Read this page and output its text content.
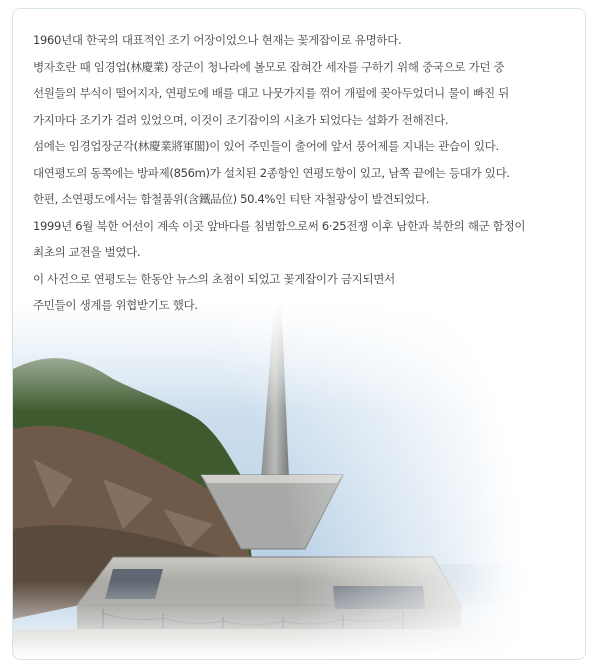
1960년대 한국의 대표적인 조기 어장이었으나 현재는 꽃게잡이로 유명하다.

병자호란 때 임경업(林慶業) 장군이 청나라에 볼모로 잡혀간 세자를 구하기 위해 중국으로 가던 중

선원들의 부식이 떨어지자, 연평도에 배를 대고 나뭇가지를 꺾어 개펄에 꽂아두었더니 물이 빠진 뒤

가지마다 조기가 걸려 있었으며, 이것이 조기잡이의 시초가 되었다는 설화가 전해진다.

섬에는 임경업장군각(林慶業將軍閣)이 있어 주민들이 출어에 앞서 풍어제를 지내는 관습이 있다.

대연평도의 동쪽에는 방파제(856m)가 설치된 2종항인 연평도항이 있고, 남쪽 끝에는 등대가 있다.

한편, 소연평도에서는 함철품위(含鐵品位) 50.4%인 티탄 자철광상이 발견되었다.

1999년 6월 북한 어선이 계속 이곳 앞바다를 침범함으로써 6·25전쟁 이후 남한과 북한의 해군 함정이

최초의 교전을 벌였다.

이 사건으로 연평도는 한동안 뉴스의 초점이 되었고 꽃게잡이가 금지되면서

주민들이 생계를 위협받기도 했다.
